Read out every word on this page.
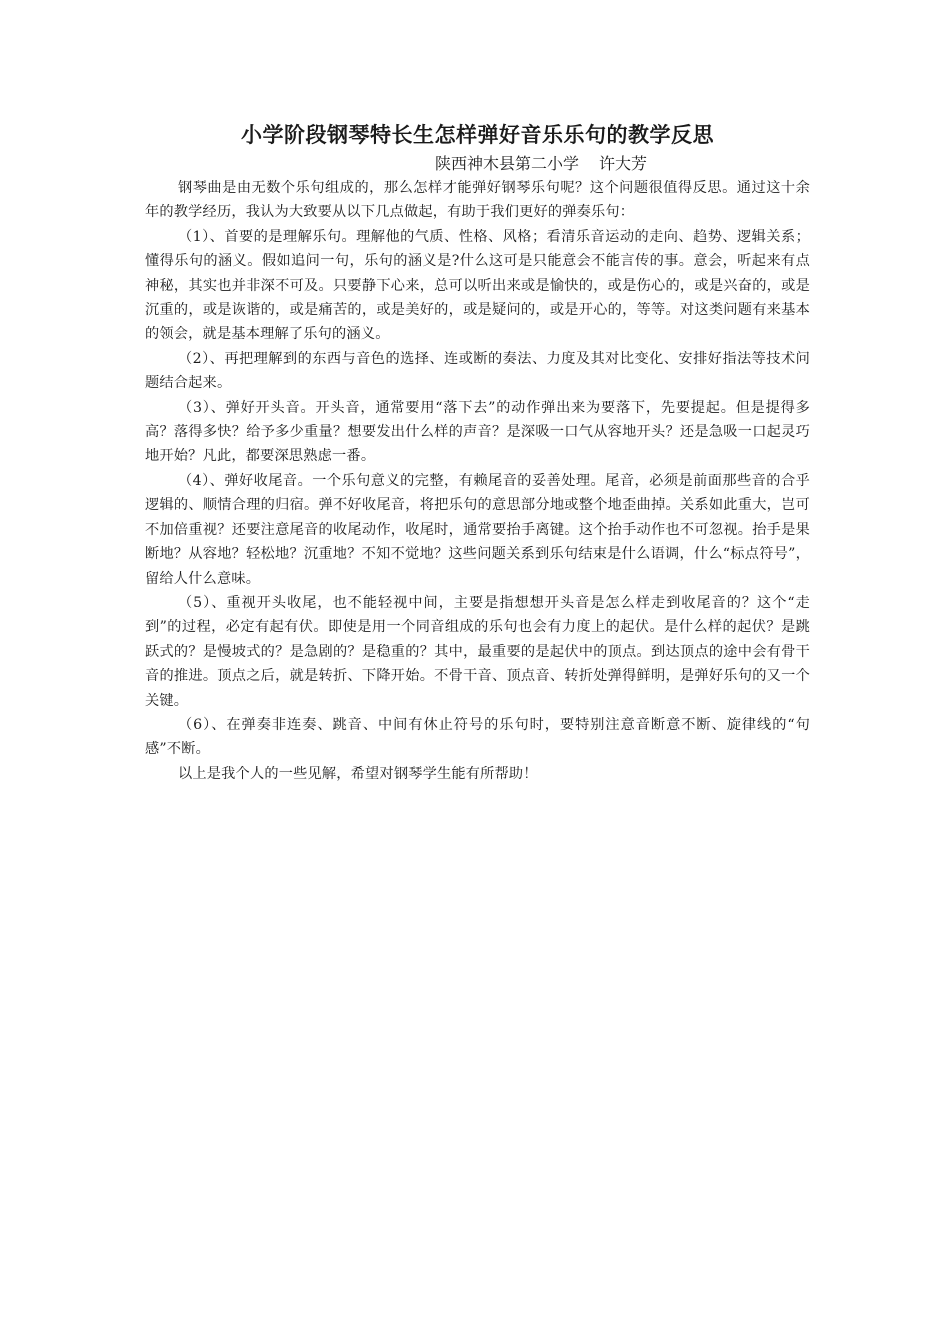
小学阶段钢琴特长生怎样弹好音乐乐句的教学反思
陕西神木县第二小学 许大芳

钢琴曲是由无数个乐句组成的，那么怎样才能弹好钢琴乐句呢？这个问题很值得反思。通过这十余年的教学经历，我认为大致要从以下几点做起，有助于我们更好的弹奏乐句：

（1）、首要的是理解乐句。理解他的气质、性格、风格；看清乐音运动的走向、趋势、逻辑关系；懂得乐句的涵义。假如追问一句，乐句的涵义是?什么这可是只能意会不能言传的事。意会，听起来有点神秘，其实也并非深不可及。只要静下心来，总可以听出来或是愉快的，或是伤心的，或是兴奋的，或是沉重的，或是诙谐的，或是痛苦的，或是美好的，或是疑问的，或是开心的，等等。对这类问题有来基本的领会，就是基本理解了乐句的涵义。

（2）、再把理解到的东西与音色的选择、连或断的奏法、力度及其对比变化、安排好指法等技术问题结合起来。

（3）、弹好开头音。开头音，通常要用“落下去”的动作弹出来为要落下，先要提起。但是提得多高？落得多快？给予多少重量？想要发出什么样的声音？是深吸一口气从容地开头？还是急吸一口起灵巧地开始？凡此，都要深思熟虑一番。

（4）、弹好收尾音。一个乐句意义的完整，有赖尾音的妥善处理。尾音，必须是前面那些音的合乎逻辑的、顺情合理的归宿。弹不好收尾音，将把乐句的意思部分地或整个地歪曲掉。关系如此重大，岂可不加倍重视？还要注意尾音的收尾动作，收尾时，通常要抬手离键。这个抬手动作也不可忽视。抬手是果断地？从容地？轻松地？沉重地？不知不觉地？这些问题关系到乐句结束是什么语调，什么“标点符号”，留给人什么意味。

（5）、重视开头收尾，也不能轻视中间，主要是指想想开头音是怎么样走到收尾音的？这个“走到”的过程，必定有起有伏。即使是用一个同音组成的乐句也会有力度上的起伏。是什么样的起伏？是跳跃式的？是慢坡式的？是急剧的？是稳重的？其中，最重要的是起伏中的顶点。到达顶点的途中会有骨干音的推进。顶点之后，就是转折、下降开始。不骨干音、顶点音、转折处弹得鲜明，是弹好乐句的又一个关键。

（6）、在弹奏非连奏、跳音、中间有休止符号的乐句时，要特别注意音断意不断、旋律线的“句感”不断。

以上是我个人的一些见解，希望对钢琴学生能有所帮助！
